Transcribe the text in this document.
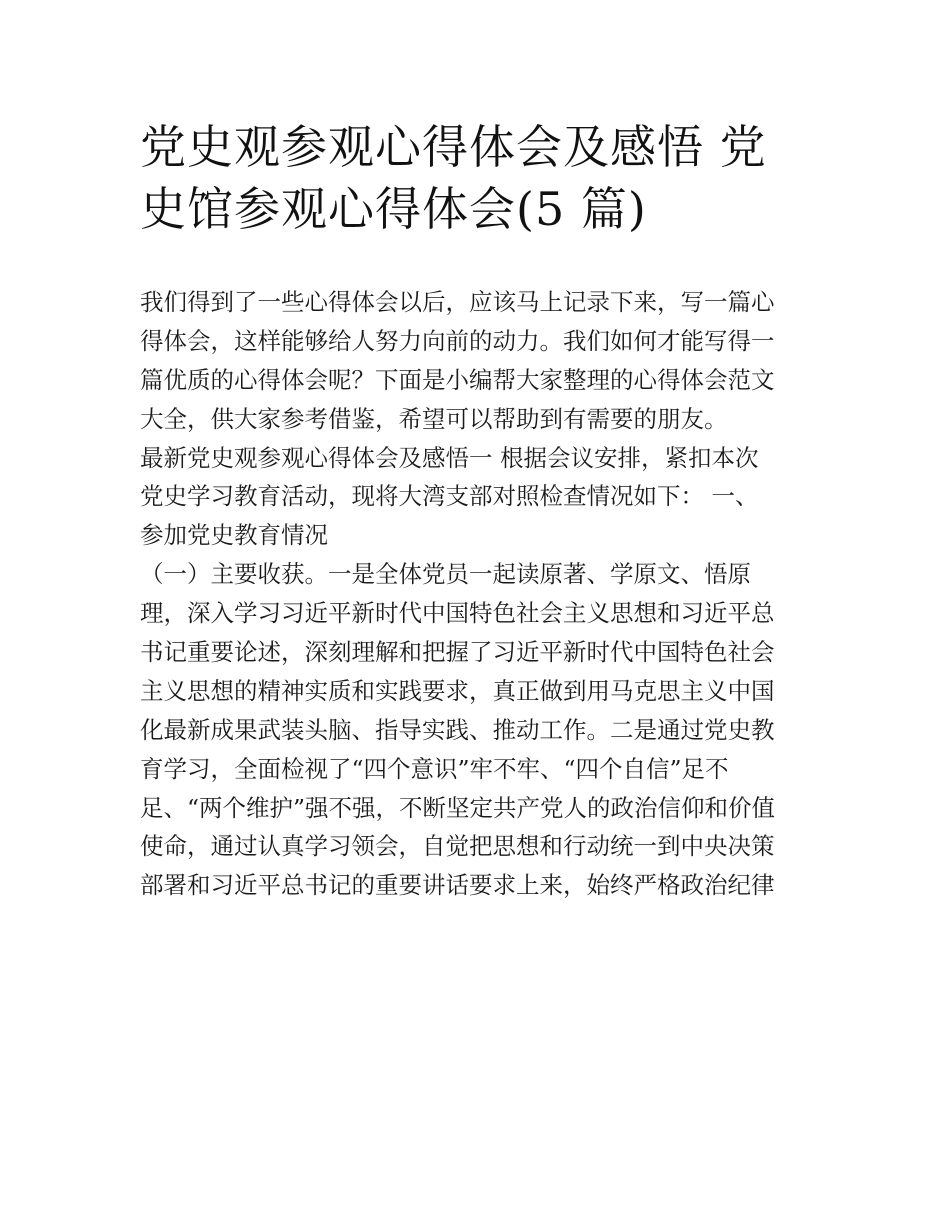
党史观参观心得体会及感悟 党
史馆参观心得体会(5 篇)
我们得到了一些心得体会以后，应该马上记录下来，写一篇心
得体会，这样能够给人努力向前的动力。我们如何才能写得一
篇优质的心得体会呢？下面是小编帮大家整理的心得体会范文
大全，供大家参考借鉴，希望可以帮助到有需要的朋友。
最新党史观参观心得体会及感悟一 根据会议安排，紧扣本次
党史学习教育活动，现将大湾支部对照检查情况如下： 一、
参加党史教育情况
（一）主要收获。一是全体党员一起读原著、学原文、悟原
理，深入学习习近平新时代中国特色社会主义思想和习近平总
书记重要论述，深刻理解和把握了习近平新时代中国特色社会
主义思想的精神实质和实践要求，真正做到用马克思主义中国
化最新成果武装头脑、指导实践、推动工作。二是通过党史教
育学习，全面检视了“四个意识”牢不牢、“四个自信”足不
足、“两个维护”强不强，不断坚定共产党人的政治信仰和价值
使命，通过认真学习领会，自觉把思想和行动统一到中央决策
部署和习近平总书记的重要讲话要求上来，始终严格政治纪律
